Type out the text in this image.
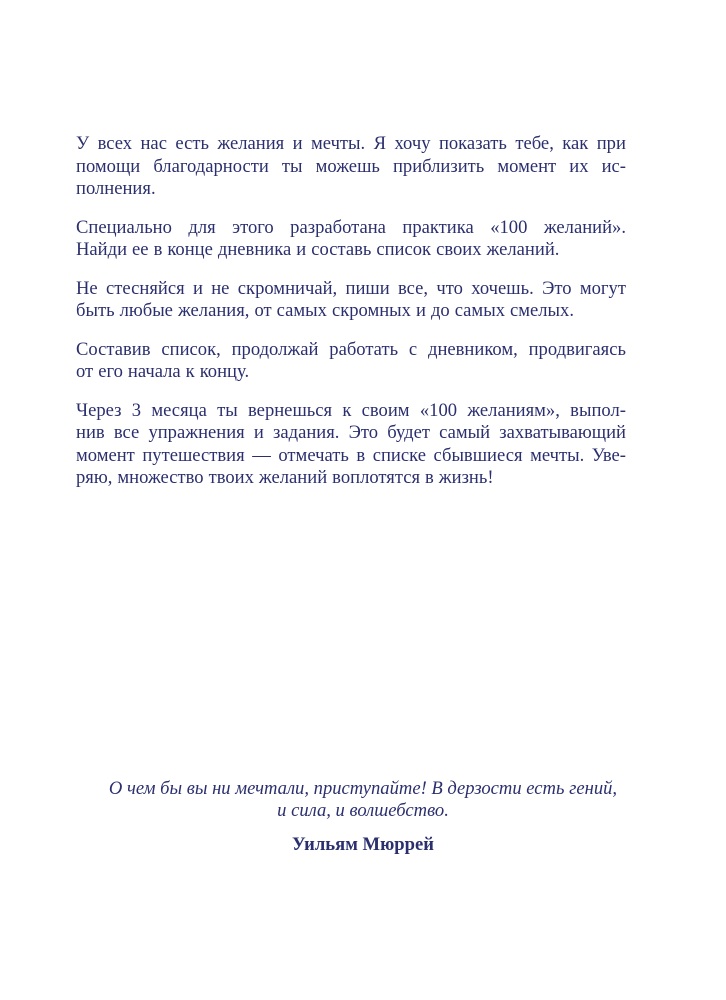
У всех нас есть желания и мечты. Я хочу показать тебе, как при
помощи благодарности ты можешь приблизить момент их ис-
полнения.
Специально для этого разработана практика «100 желаний».
Найди ее в конце дневника и составь список своих желаний.
Не стесняйся и не скромничай, пиши все, что хочешь. Это могут
быть любые желания, от самых скромных и до самых смелых.
Составив список, продолжай работать с дневником, продвигаясь
от его начала к концу.
Через 3 месяца ты вернешься к своим «100 желаниям», выпол-
нив все упражнения и задания. Это будет самый захватывающий
момент путешествия — отмечать в списке сбывшиеся мечты. Уве-
ряю, множество твоих желаний воплотятся в жизнь!
О чем бы вы ни мечтали, приступайте! В дерзости есть гений,
и сила, и волшебство.
Уильям Мюррей
